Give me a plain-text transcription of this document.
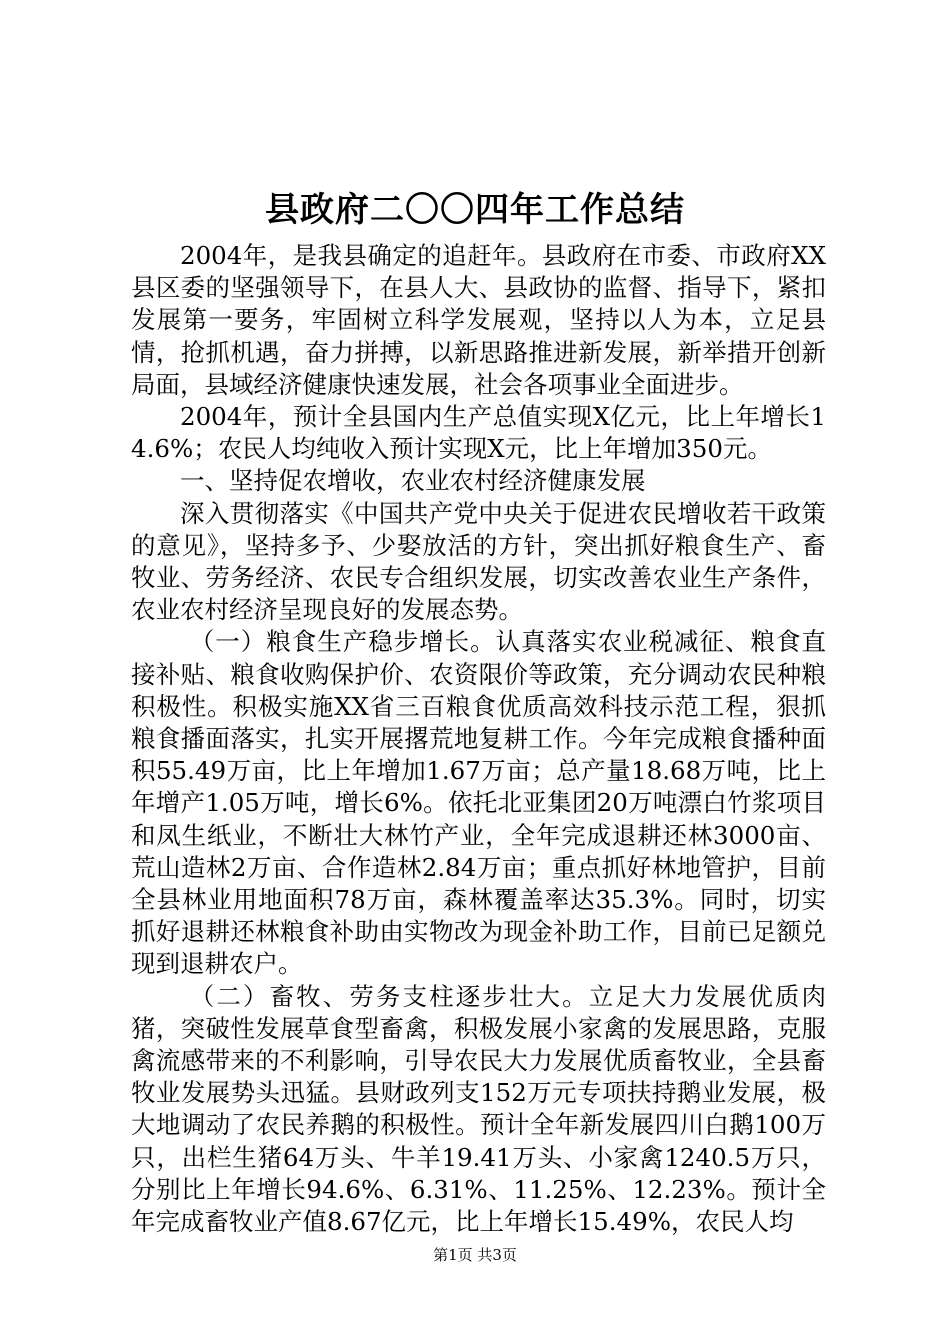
县政府二〇〇四年工作总结

2004年，是我县确定的追赶年。县政府在市委、市政府XX县区委的坚强领导下，在县人大、县政协的监督、指导下，紧扣发展第一要务，牢固树立科学发展观，坚持以人为本，立足县情，抢抓机遇，奋力拼搏，以新思路推进新发展，新举措开创新局面，县域经济健康快速发展，社会各项事业全面进步。

2004年，预计全县国内生产总值实现X亿元，比上年增长14.6%；农民人均纯收入预计实现X元，比上年增加350元。

一、坚持促农增收，农业农村经济健康发展

深入贯彻落实《中国共产党中央关于促进农民增收若干政策的意见》，坚持多予、少娶放活的方针，突出抓好粮食生产、畜牧业、劳务经济、农民专合组织发展，切实改善农业生产条件，农业农村经济呈现良好的发展态势。

（一）粮食生产稳步增长。认真落实农业税减征、粮食直接补贴、粮食收购保护价、农资限价等政策，充分调动农民种粮积极性。积极实施XX省三百粮食优质高效科技示范工程，狠抓粮食播面落实，扎实开展撂荒地复耕工作。今年完成粮食播种面积55.49万亩，比上年增加1.67万亩；总产量18.68万吨，比上年增产1.05万吨，增长6%。依托北亚集团20万吨漂白竹浆项目和凤生纸业，不断壮大林竹产业，全年完成退耕还林3000亩、荒山造林2万亩、合作造林2.84万亩；重点抓好林地管护，目前全县林业用地面积78万亩，森林覆盖率达35.3%。同时，切实抓好退耕还林粮食补助由实物改为现金补助工作，目前已足额兑现到退耕农户。

（二）畜牧、劳务支柱逐步壮大。立足大力发展优质肉猪，突破性发展草食型畜禽，积极发展小家禽的发展思路，克服禽流感带来的不利影响，引导农民大力发展优质畜牧业，全县畜牧业发展势头迅猛。县财政列支152万元专项扶持鹅业发展，极大地调动了农民养鹅的积极性。预计全年新发展四川白鹅100万只，出栏生猪64万头、牛羊19.41万头、小家禽1240.5万只，分别比上年增长94.6%、6.31%、11.25%、12.23%。预计全年完成畜牧业产值8.67亿元，比上年增长15.49%，农民人均

第1页 共3页
